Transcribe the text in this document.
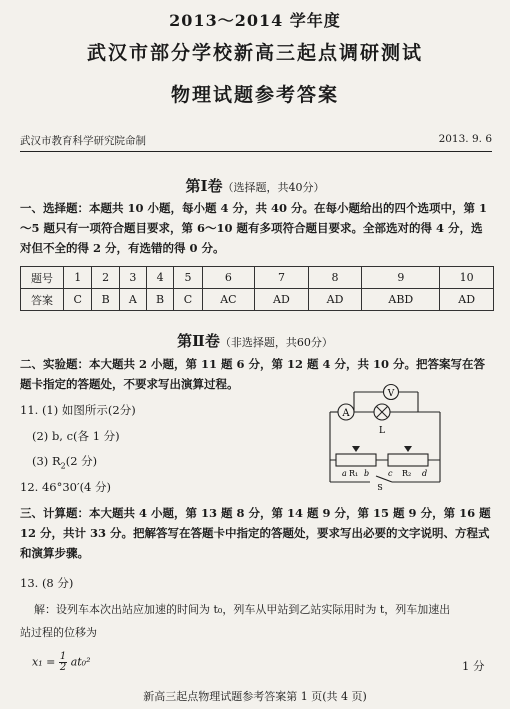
2013～2014 学年度
武汉市部分学校新高三起点调研测试
物理试题参考答案
武汉市教育科学研究院命制	2013. 9. 6
第Ⅰ卷（选择题，共40分）
一、选择题：本题共 10 小题，每小题 4 分，共 40 分。在每小题给出的四个选项中，第 1～5 题只有一项符合题目要求，第 6～10 题有多项符合题目要求。全部选对的得 4 分，选对但不全的得 2 分，有选错的得 0 分。
题号	1	2	3	4	5	6	7	8	9	10
答案	C	B	A	B	C	AC	AD	AD	ABD	AD
第Ⅱ卷（非选择题，共60分）
二、实验题：本大题共 2 小题，第 11 题 6 分，第 12 题 4 分，共 10 分。把答案写在答题卡指定的答题处，不要求写出演算过程。
11. (1) 如图所示(2分)
(2) b, c(各 1 分)
(3) $R_2(2$ 分)
12. 46°30′(4 分)
A
V
L
a R₁ b c R₂ d
S
三、计算题：本大题共 4 小题，第 13 题 8 分，第 14 题 9 分，第 15 题 9 分，第 16 题 12 分，共计 33 分。把解答写在答题卡中指定的答题处，要求写出必要的文字说明、方程式和演算步骤。
13. (8 分)
解：设列车本次出站应加速的时间为 t₀，列车从甲站到乙站实际用时为 t，列车加速出
站过程的位移为
$x_1 = \frac{1}{2} at_0^2$	1 分
新高三起点物理试题参考答案第 1 页(共 4 页)
